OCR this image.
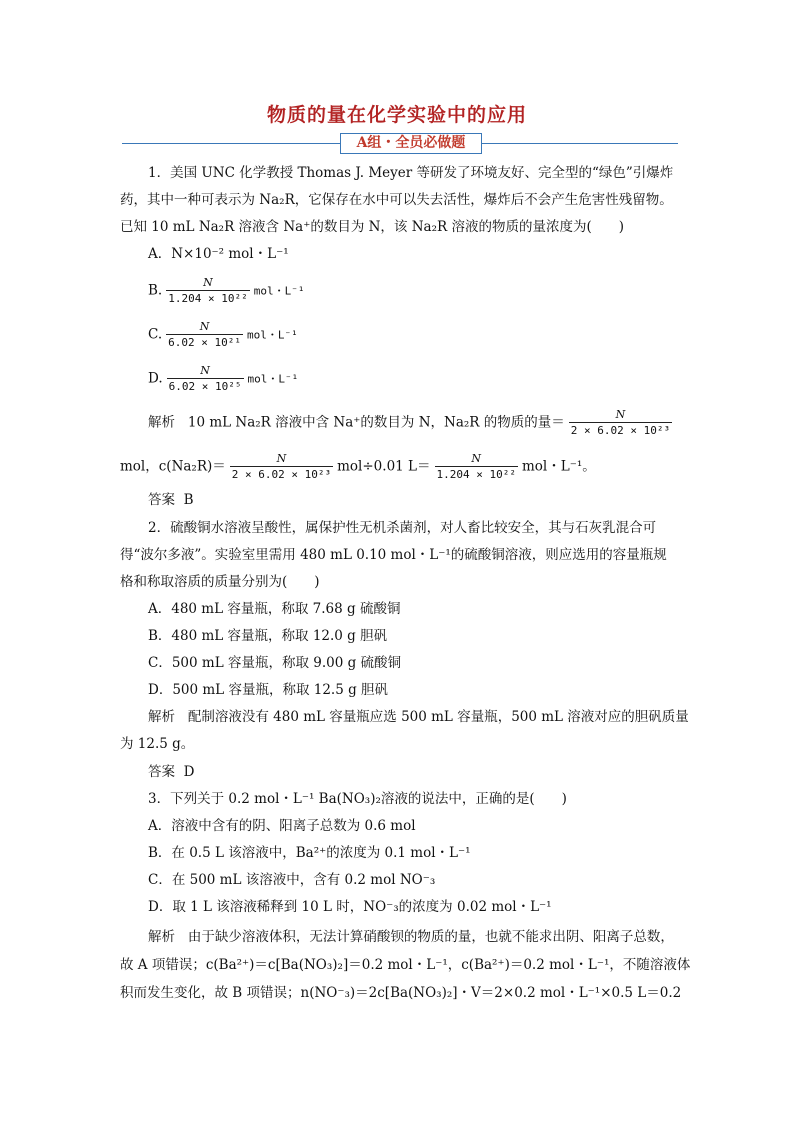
物质的量在化学实验中的应用
A组・全员必做题
1．美国 UNC 化学教授 Thomas J. Meyer 等研发了环境友好、完全型的“绿色”引爆炸
药，其中一种可表示为 Na₂R，它保存在水中可以失去活性，爆炸后不会产生危害性残留物。
已知 10 mL Na₂R 溶液含 Na⁺的数目为 N，该 Na₂R 溶液的物质的量浓度为(　　)
A．N×10⁻² mol・L⁻¹
B. $\frac{N}{\text{1.204 × 10²²}}$ mol・L⁻¹
C. $\frac{N}{\text{6.02 × 10²¹}}$ mol・L⁻¹
D. $\frac{N}{\text{6.02 × 10²⁵}}$ mol・L⁻¹
解析 10 mL Na₂R 溶液中含 Na⁺的数目为 N，Na₂R 的物质的量＝ $\frac{N}{\text{2 × 6.02 × 10²³}}$
mol，$c(Na_2R)= \frac{N}{\text{2 × 6.02 × 10²³}} mol\div 0.01$ $L= \frac{N}{\text{1.204 × 10²²}}$ mol・L⁻¹。
答案 B
2．硫酸铜水溶液呈酸性，属保护性无机杀菌剂，对人畜比较安全，其与石灰乳混合可
得“波尔多液”。实验室里需用 480 mL 0.10 mol・L⁻¹的硫酸铜溶液，则应选用的容量瓶规
格和称取溶质的质量分别为(　　)
A．480 mL 容量瓶，称取 7.68 g 硫酸铜
B．480 mL 容量瓶，称取 12.0 g 胆矾
C．500 mL 容量瓶，称取 9.00 g 硫酸铜
D．500 mL 容量瓶，称取 12.5 g 胆矾
解析 配制溶液没有 480 mL 容量瓶应选 500 mL 容量瓶，500 mL 溶液对应的胆矾质量
为 12.5 g。
答案 D
3．下列关于 0.2 mol・L⁻¹ Ba(NO₃)₂溶液的说法中，正确的是(　　)
A．溶液中含有的阴、阳离子总数为 0.6 mol
B．在 0.5 L 该溶液中，Ba²⁺的浓度为 0.1 mol・L⁻¹
C．在 500 mL 该溶液中，含有 0.2 mol NO⁻₃
D．取 1 L 该溶液稀释到 10 L 时，NO⁻₃的浓度为 0.02 mol・L⁻¹
解析 由于缺少溶液体积，无法计算硝酸钡的物质的量，也就不能求出阴、阳离子总数，
故 A 项错误；c(Ba²⁺)＝c[Ba(NO₃)₂]＝0.2 mol・L⁻¹，c(Ba²⁺)＝0.2 mol・L⁻¹，不随溶液体
积而发生变化，故 B 项错误；n(NO⁻₃)＝2c[Ba(NO₃)₂]・V＝2×0.2 mol・L⁻¹×0.5 L＝0.2
